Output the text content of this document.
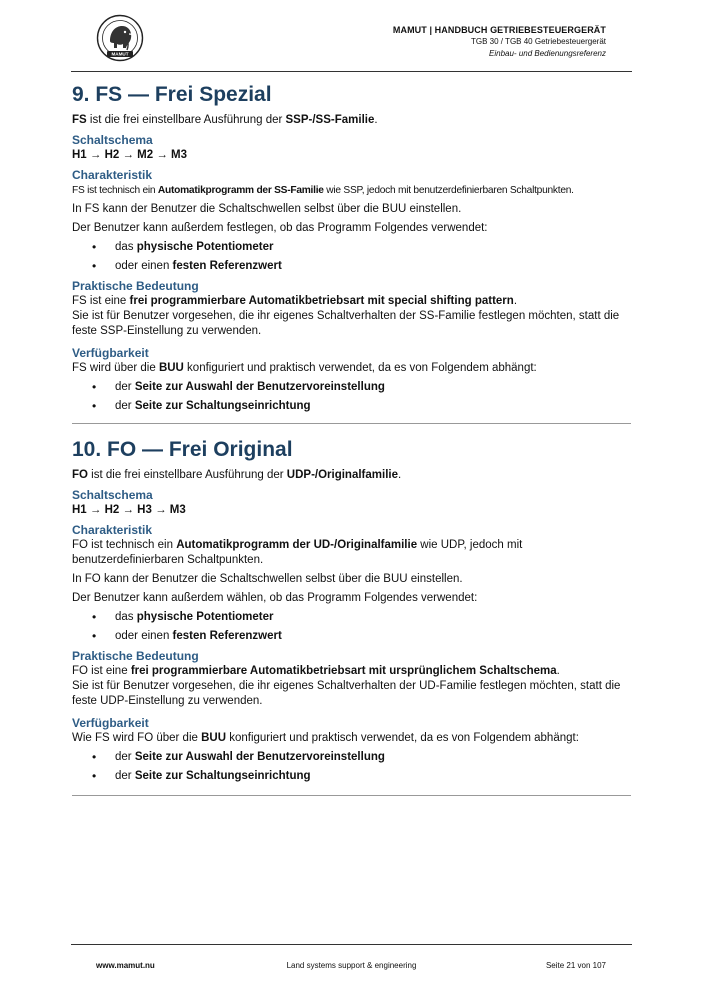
MAMUT
MAMUT | HANDBUCH GETRIEBESTEUERGERÄT
TGB 30 / TGB 40 Getriebesteuergerät
Einbau- und Bedienungsreferenz
9. FS — Frei Spezial

FS ist die frei einstellbare Ausführung der SSP-/SS-Familie.

Schaltschema

H1 → H2 → M2 → M3

Charakteristik

FS ist technisch ein Automatikprogramm der SS-Familie wie SSP, jedoch mit benutzerdefinierbaren Schaltpunkten.

In FS kann der Benutzer die Schaltschwellen selbst über die BUU einstellen.

Der Benutzer kann außerdem festlegen, ob das Programm Folgendes verwendet:

• das physische Potentiometer
• oder einen festen Referenzwert
Praktische Bedeutung

FS ist eine frei programmierbare Automatikbetriebsart mit special shifting pattern.

Sie ist für Benutzer vorgesehen, die ihr eigenes Schaltverhalten der SS-Familie festlegen möchten, statt die feste SSP-Einstellung zu verwenden.

Verfügbarkeit

FS wird über die BUU konfiguriert und praktisch verwendet, da es von Folgendem abhängt:

• der Seite zur Auswahl der Benutzervoreinstellung
• der Seite zur Schaltungseinrichtung
10. FO — Frei Original

FO ist die frei einstellbare Ausführung der UDP-/Originalfamilie.

Schaltschema

H1 → H2 → H3 → M3

Charakteristik

FO ist technisch ein Automatikprogramm der UD-/Originalfamilie wie UDP, jedoch mit benutzerdefinierbaren Schaltpunkten.

In FO kann der Benutzer die Schaltschwellen selbst über die BUU einstellen.

Der Benutzer kann außerdem wählen, ob das Programm Folgendes verwendet:

• das physische Potentiometer
• oder einen festen Referenzwert
Praktische Bedeutung

FO ist eine frei programmierbare Automatikbetriebsart mit ursprünglichem Schaltschema.

Sie ist für Benutzer vorgesehen, die ihr eigenes Schaltverhalten der UD-Familie festlegen möchten, statt die feste UDP-Einstellung zu verwenden.

Verfügbarkeit

Wie FS wird FO über die BUU konfiguriert und praktisch verwendet, da es von Folgendem abhängt:

• der Seite zur Auswahl der Benutzervoreinstellung
• der Seite zur Schaltungseinrichtung
www.mamut.nu	Land systems support & engineering	Seite 21 von 107
